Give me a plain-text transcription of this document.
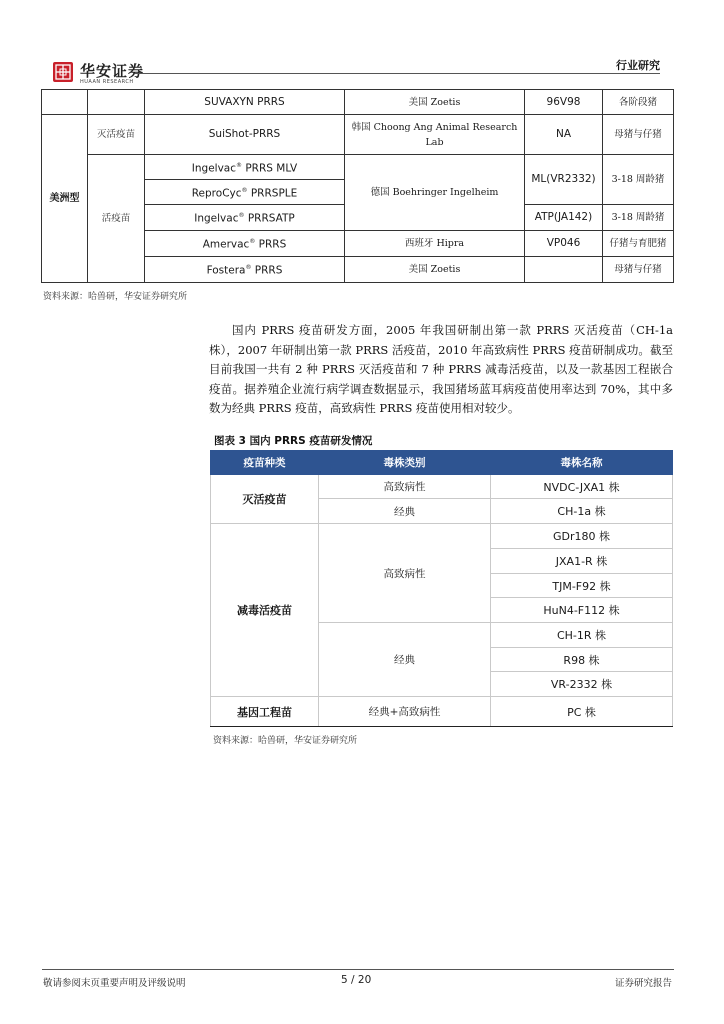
华安证券
HUAAN RESEARCH
行业研究
		SUVAXYN PRRS	美国 Zoetis	96V98	各阶段猪
美洲型	灭活疫苗	SuiShot-PRRS	韩国 Choong Ang Animal Research Lab	NA	母猪与仔猪
	活疫苗	Ingelvac® PRRS MLV	德国 Boehringer Ingelheim	ML(VR2332)	3-18 周龄猪
		ReproCyc® PRRSPLE			
		Ingelvac® PRRSATP		ATP(JA142)	3-18 周龄猪
		Amervac® PRRS	西班牙 Hipra	VP046	仔猪与育肥猪
		Fostera® PRRS	美国 Zoetis		母猪与仔猪
资料来源：哈兽研，华安证券研究所

国内 PRRS 疫苗研发方面，2005 年我国研制出第一款 PRRS 灭活疫苗（CH-1a 株），2007 年研制出第一款 PRRS 活疫苗，2010 年高致病性 PRRS 疫苗研制成功。截至目前我国一共有 2 种 PRRS 灭活疫苗和 7 种 PRRS 减毒活疫苗，以及一款基因工程嵌合疫苗。据养殖企业流行病学调查数据显示，我国猪场蓝耳病疫苗使用率达到 70%，其中多数为经典 PRRS 疫苗，高致病性 PRRS 疫苗使用相对较少。

图表 3 国内 PRRS 疫苗研发情况
疫苗种类	毒株类别	毒株名称
灭活疫苗	高致病性	NVDC-JXA1 株
	经典	CH-1a 株
减毒活疫苗	高致病性	GDr180 株
		JXA1-R 株
		TJM-F92 株
		HuN4-F112 株
	经典	CH-1R 株
		R98 株
		VR-2332 株
基因工程苗	经典+高致病性	PC 株
资料来源：哈兽研，华安证券研究所
敬请参阅末页重要声明及评级说明	5 / 20	证券研究报告
